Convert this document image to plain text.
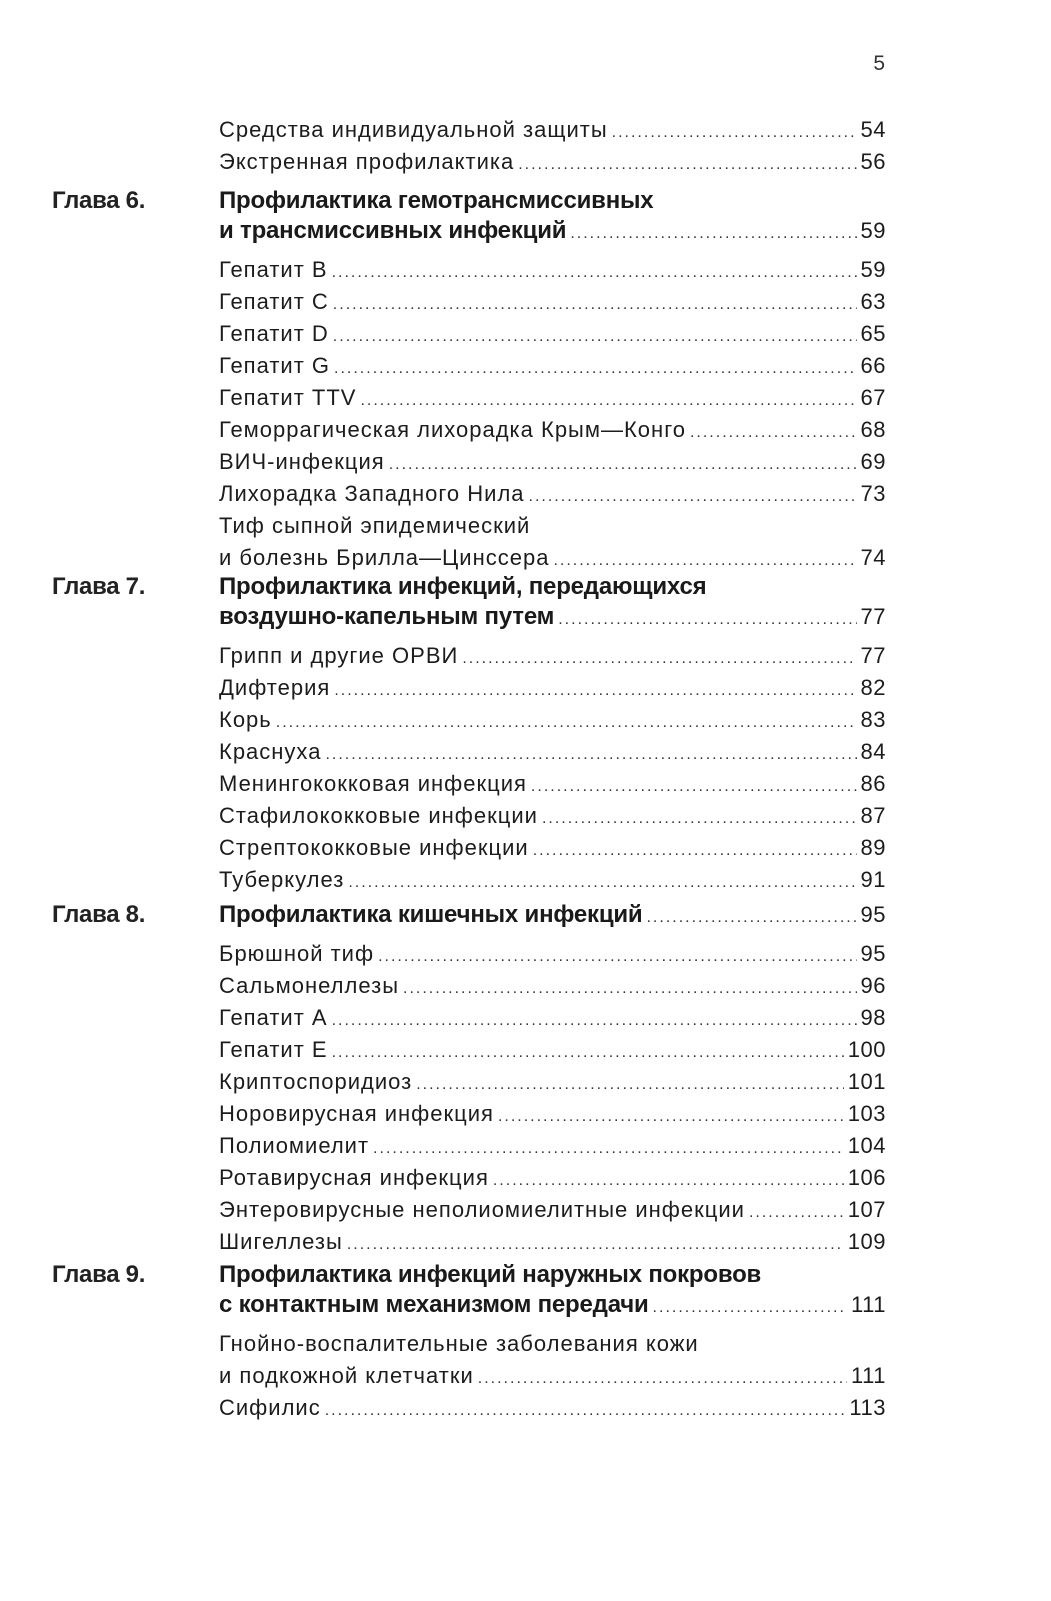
5
Средства индивидуальной защиты .....	54
Экстренная профилактика .....	56
Глава 6.	Профилактика гемотрансмиссивных
и трансмиссивных инфекций .....	59
Гепатит В .....	59
Гепатит С .....	63
Гепатит D .....	65
Гепатит G .....	66
Гепатит TTV .....	67
Геморрагическая лихорадка Крым—Конго .....	68
ВИЧ-инфекция .....	69
Лихорадка Западного Нила .....	73
Тиф сыпной эпидемический
и болезнь Брилла—Цинссера .....	74
Глава 7.	Профилактика инфекций, передающихся
воздушно-капельным путем .....	77
Грипп и другие ОРВИ .....	77
Дифтерия .....	82
Корь .....	83
Краснуха .....	84
Менингококковая инфекция .....	86
Стафилококковые инфекции .....	87
Стрептококковые инфекции .....	89
Туберкулез .....	91
Глава 8.	Профилактика кишечных инфекций .....	95
Брюшной тиф .....	95
Сальмонеллезы .....	96
Гепатит А .....	98
Гепатит Е .....	100
Криптоспоридиоз .....	101
Норовирусная инфекция .....	103
Полиомиелит .....	104
Ротавирусная инфекция .....	106
Энтеровирусные неполиомиелитные инфекции .....	107
Шигеллезы .....	109
Глава 9.	Профилактика инфекций наружных покровов
с контактным механизмом передачи .....	111
Гнойно-воспалительные заболевания кожи
и подкожной клетчатки .....	111
Сифилис .....	113
